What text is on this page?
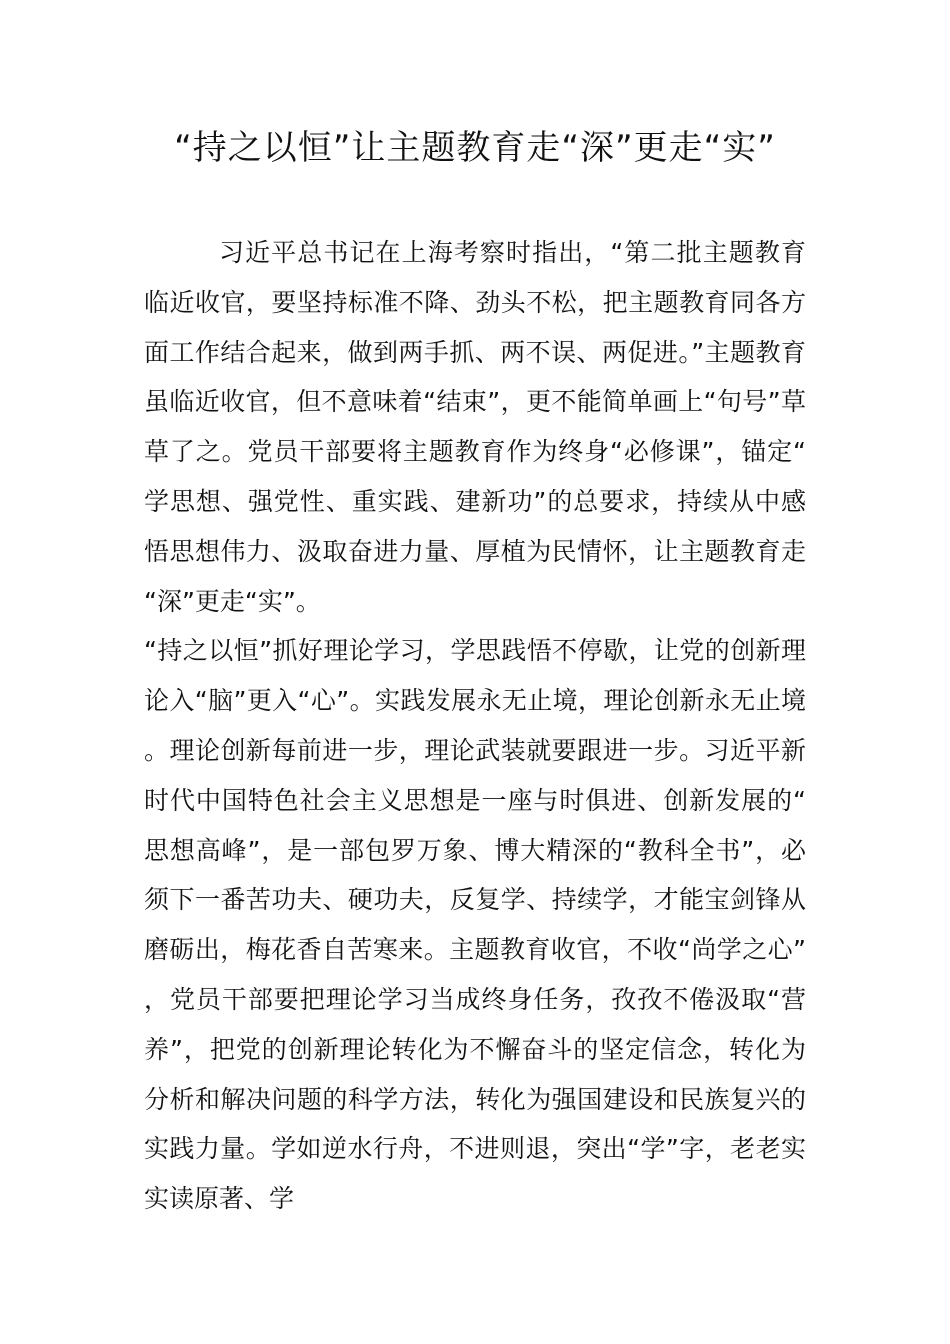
“持之以恒”让主题教育走“深”更走“实”

习近平总书记在上海考察时指出，“第二批主题教育临近收官，要坚持标准不降、劲头不松，把主题教育同各方面工作结合起来，做到两手抓、两不误、两促进。”主题教育虽临近收官，但不意味着“结束”，更不能简单画上“句号”草草了之。党员干部要将主题教育作为终身“必修课”，锚定“学思想、强党性、重实践、建新功”的总要求，持续从中感悟思想伟力、汲取奋进力量、厚植为民情怀，让主题教育走“深”更走“实”。

“持之以恒”抓好理论学习，学思践悟不停歇，让党的创新理论入“脑”更入“心”。实践发展永无止境，理论创新永无止境。理论创新每前进一步，理论武装就要跟进一步。习近平新时代中国特色社会主义思想是一座与时俱进、创新发展的“思想高峰”，是一部包罗万象、博大精深的“教科全书”，必须下一番苦功夫、硬功夫，反复学、持续学，才能宝剑锋从磨砺出，梅花香自苦寒来。主题教育收官，不收“尚学之心”，党员干部要把理论学习当成终身任务，孜孜不倦汲取“营养”，把党的创新理论转化为不懈奋斗的坚定信念，转化为分析和解决问题的科学方法，转化为强国建设和民族复兴的实践力量。学如逆水行舟，不进则退，突出“学”字，老老实实读原著、学
